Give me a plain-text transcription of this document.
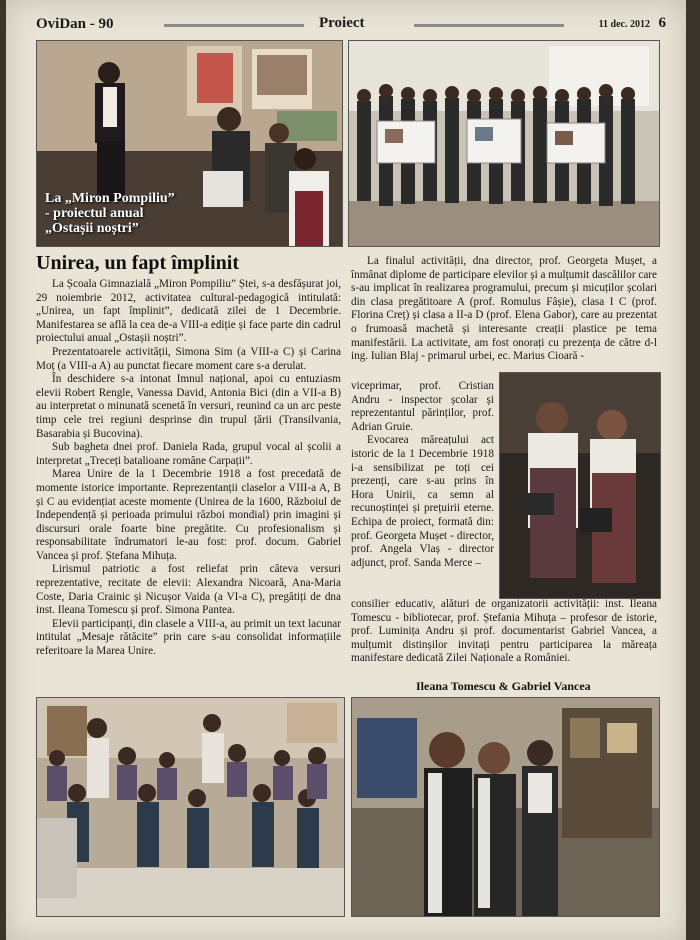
OviDan - 90	Proiect	11 dec. 2012 6
La „Miron Pompiliu”
- proiectul anual
„Ostașii noștri”
Unirea, un fapt împlinit

La Școala Gimnazială „Miron Pompiliu” Ștei, s-a desfășurat joi, 29 noiembrie 2012, activitatea cultural-pedagogică intitulată: „Unirea, un fapt împlinit”, dedicată zilei de 1 Decembrie. Manifestarea se află la cea de-a VIII-a ediție și face parte din cadrul proiectului anual „Ostașii noștri”.

Prezentatoarele activității, Simona Sim (a VIII-a C) și Carina Moț (a VIII-a A) au punctat fiecare moment care s-a derulat.

În deschidere s-a intonat Imnul național, apoi cu entuziasm elevii Robert Rengle, Vanessa David, Antonia Bici (din a VII-a B) au interpretat o minunată scenetă în versuri, reunind ca un arc peste timp cele trei regiuni desprinse din trupul țării (Transilvania, Basarabia și Bucovina).

Sub bagheta dnei prof. Daniela Rada, grupul vocal al școlii a interpretat „Treceți batalioane române Carpații”.

Marea Unire de la 1 Decembrie 1918 a fost precedată de momente istorice importante. Reprezentanții claselor a VIII-a A, B și C au evidențiat aceste momente (Unirea de la 1600, Războiul de Independență și perioada primului război mondial) prin imagini și discursuri orale foarte bine pregătite. Cu profesionalism și responsabilitate îndrumatori le-au fost: prof. docum. Gabriel Vancea și prof. Ștefana Mihuța.

Lirismul patriotic a fost reliefat prin câteva versuri reprezentative, recitate de elevii: Alexandra Nicoară, Ana-Maria Coste, Daria Crainic și Nicușor Vaida (a VI-a C), pregătiți de dna inst. Ileana Tomescu și prof. Simona Pantea.

Elevii participanți, din clasele a VIII-a, au primit un text lacunar intitulat „Mesaje rătăcite” prin care s-au consolidat informațiile referitoare la Marea Unire.

La finalul activității, dna director, prof. Georgeta Mușet, a înmânat diplome de participare elevilor și a mulțumit dascălilor care s-au implicat în realizarea programului, precum și micuților școlari din clasa pregătitoare A (prof. Romulus Fâșie), clasa I C (prof. Florina Creț) și clasa a II-a D (prof. Elena Gabor), care au prezentat o frumoasă machetă și interesante creații plastice pe tema manifestării. La activitate, am fost onorați cu prezența de către d-l ing. Iulian Blaj - primarul urbei, ec. Marius Cioară -

viceprimar, prof. Cristian Andru - inspector școlar și reprezentantul părinților, prof. Adrian Gruie.

Evocarea măreațului act istoric de la 1 Decembrie 1918 i-a sensibilizat pe toți cei prezenți, care s-au prins în Hora Unirii, ca semn al recunoștinței și prețuirii eterne. Echipa de proiect, formată din: prof. Georgeta Mușet - director, prof. Angela Vlaș - director adjunct, prof. Sanda Merce –

consilier educativ, alături de organizatorii activității: inst. Ileana Tomescu - bibliotecar, prof. Ștefania Mihuța – profesor de istorie, prof. Luminița Andru și prof. documentarist Gabriel Vancea, a mulțumit distinșilor invitați pentru participarea la măreața manifestare dedicată Zilei Naționale a României.

Ileana Tomescu & Gabriel Vancea
